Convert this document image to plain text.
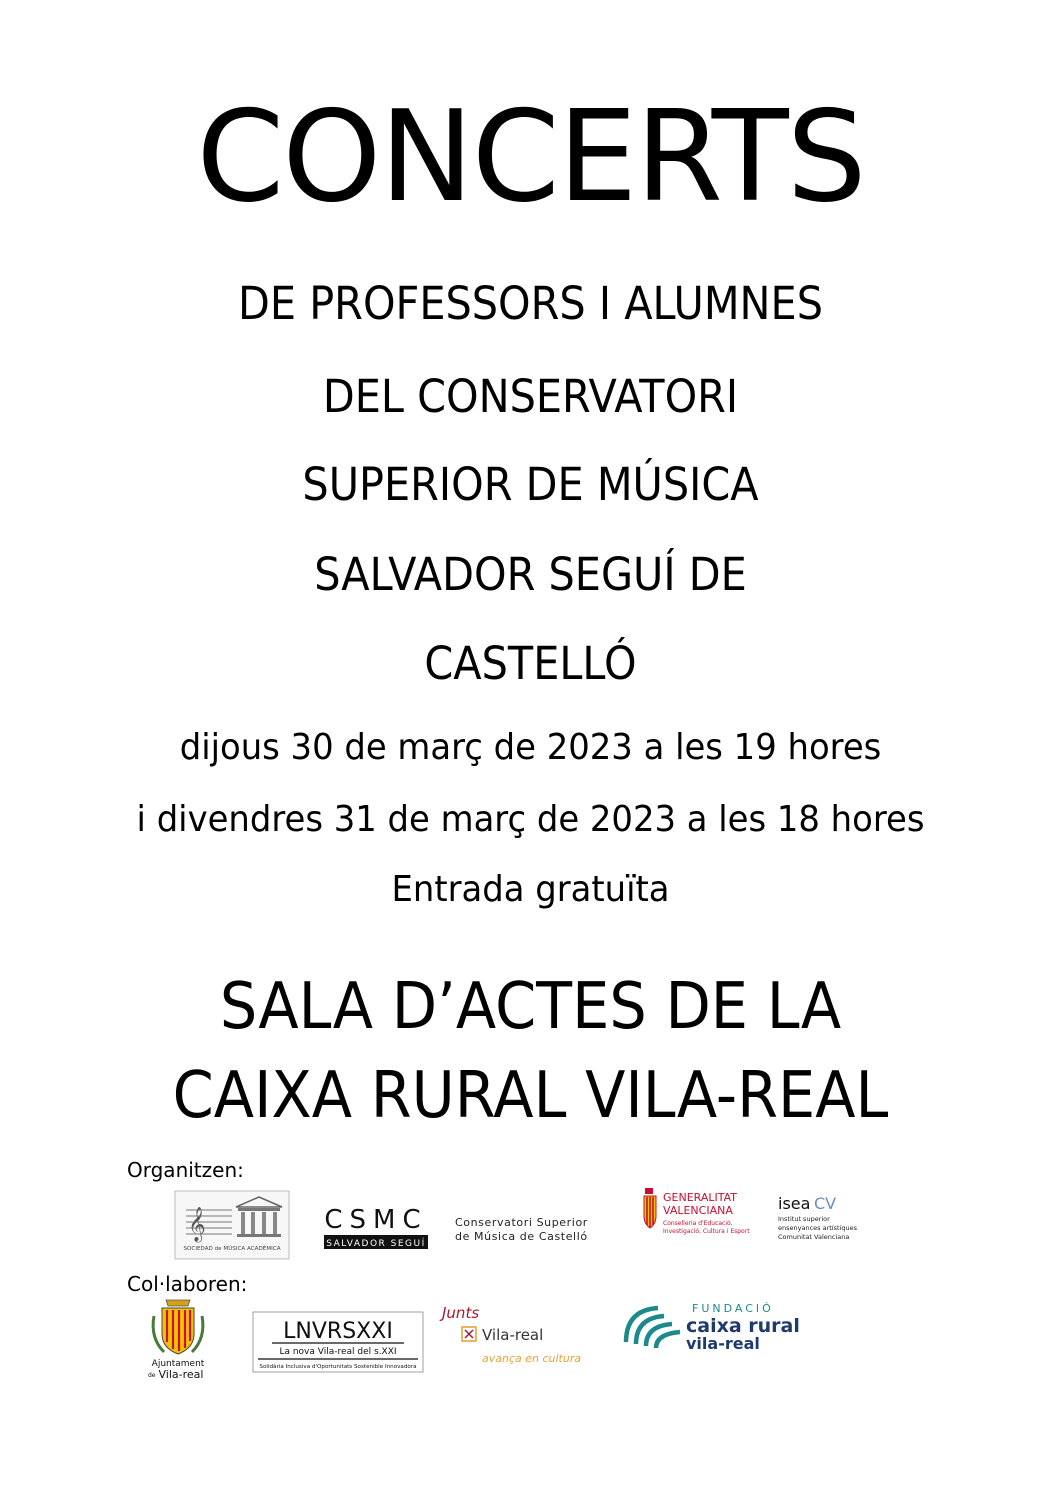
CONCERTS
DE PROFESSORS I ALUMNES
DEL CONSERVATORI
SUPERIOR DE MÚSICA
SALVADOR SEGUÍ DE
CASTELLÓ
dijous 30 de març de 2023 a les 19 hores
i divendres 31 de març de 2023 a les 18 hores
Entrada gratuïta
SALA D’ACTES DE LA
CAIXA RURAL VILA-REAL
Organitzen:
Col·laboren:
𝄞
SOCIEDAD de MÚSICA ACADÉMICA
CSMC
SALVADOR SEGUÍ
Conservatori Superior
de Música de Castelló
GENERALITAT
VALENCIANA
Conselleria d'Educació,
Investigació, Cultura i Esport
isea CV
Institut superior
ensenyances artístiques
Comunitat Valenciana
Ajuntament
de Vila-real
LNVRSXXI
La nova Vila-real del s.XXI
Solidària Inclusiva d'Oportunitats Sostenible Innovadora
Junts
Vila-real
avança en cultura
FUNDACIÓ
caixa rural
vila-real
